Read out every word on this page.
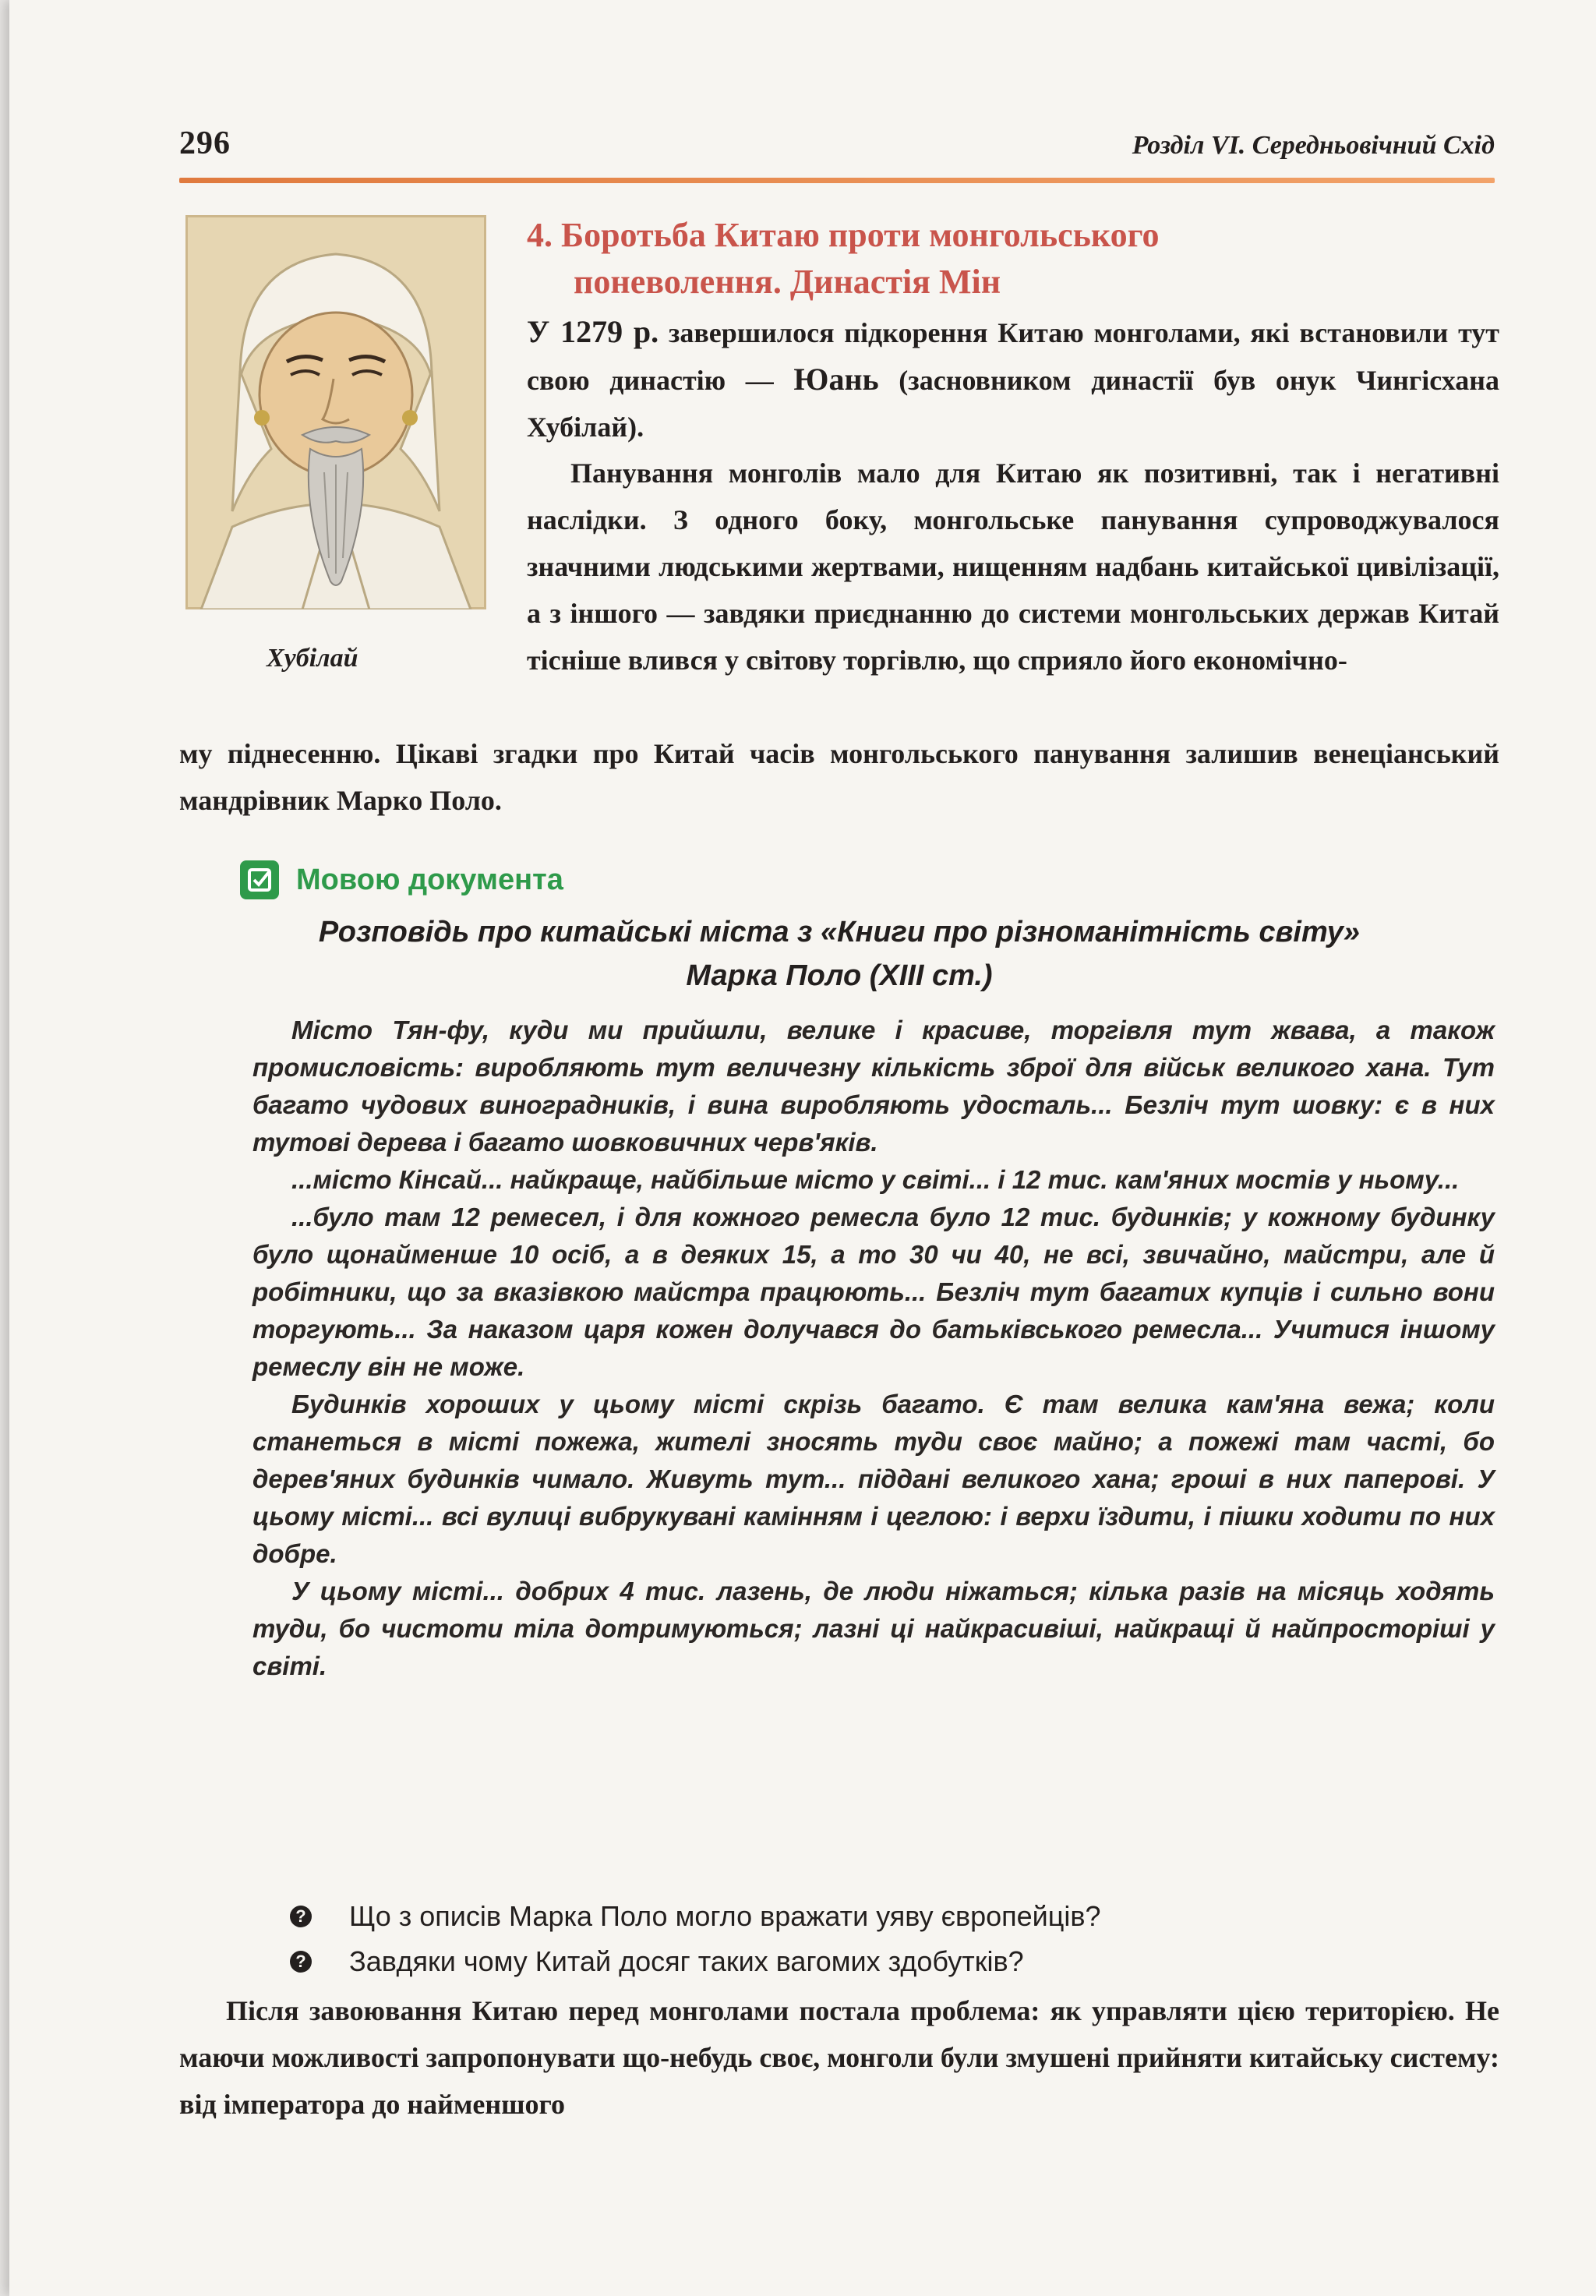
296	Розділ VI. Середньовічний Схід
Хубілай
4. Боротьба Китаю проти монгольського
поневолення. Династія Мін

У 1279 р. завершилося підкорення Китаю монголами, які встановили тут свою династію — Юань (засновником династії був онук Чингісхана Хубілай).

Панування монголів мало для Китаю як позитивні, так і негативні наслідки. З одного боку, монгольське панування супроводжувалося значними людськими жертвами, нищенням надбань китайської цивілізації, а з іншого — завдяки приєднанню до системи монгольських держав Китай тісніше влився у світову торгівлю, що сприяло його економічно-

му піднесенню. Цікаві згадки про Китай часів монгольського панування залишив венеціанський мандрівник Марко Поло.

Мовою документа
Розповідь про китайські міста з «Книги про різноманітність світу»
Марка Поло (XIII ст.)

Місто Тян-фу, куди ми прийшли, велике і красиве, торгівля тут жвава, а також промисловість: виробляють тут величезну кількість зброї для військ великого хана. Тут багато чудових виноградників, і вина виробляють удосталь... Безліч тут шовку: є в них тутові дерева і багато шовковичних черв'яків.

...місто Кінсай... найкраще, найбільше місто у світі... і 12 тис. кам'яних мостів у ньому...

...було там 12 ремесел, і для кожного ремесла було 12 тис. будинків; у кожному будинку було щонайменше 10 осіб, а в деяких 15, а то 30 чи 40, не всі, звичайно, майстри, але й робітники, що за вказівкою майстра працюють... Безліч тут багатих купців і сильно вони торгують... За наказом царя кожен долучався до батьківського ремесла... Учитися іншому ремеслу він не може.

Будинків хороших у цьому місті скрізь багато. Є там велика кам'яна вежа; коли станеться в місті пожежа, жителі зносять туди своє майно; а пожежі там часті, бо дерев'яних будинків чимало. Живуть тут... піддані великого хана; гроші в них паперові. У цьому місті... всі вулиці вибрукувані камінням і цеглою: і верхи їздити, і пішки ходити по них добре.

У цьому місті... добрих 4 тис. лазень, де люди ніжаться; кілька разів на місяць ходять туди, бо чистоти тіла дотримуються; лазні ці найкрасивіші, найкращі й найпросторіші у світі.

? Що з описів Марка Поло могло вражати уяву європейців?
? Завдяки чому Китай досяг таких вагомих здобутків?

Після завоювання Китаю перед монголами постала проблема: як управляти цією територією. Не маючи можливості запропонувати що-небудь своє, монголи були змушені прийняти китайську систему: від імператора до найменшого
